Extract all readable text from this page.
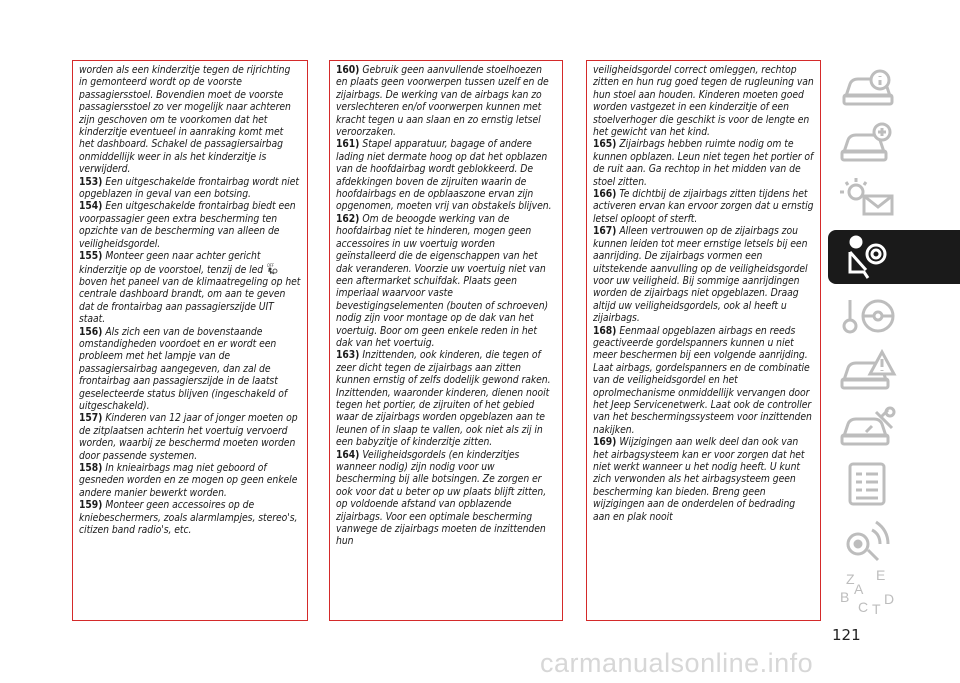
worden als een kinderzitje tegen de rijrichting in gemonteerd wordt op de voorste passagiersstoel. Bovendien moet de voorste passagiersstoel zo ver mogelijk naar achteren zijn geschoven om te voorkomen dat het kinderzitje eventueel in aanraking komt met het dashboard. Schakel de passagiersairbag onmiddellijk weer in als het kinderzitje is verwijderd.

153) Een uitgeschakelde frontairbag wordt niet opgeblazen in geval van een botsing.

154) Een uitgeschakelde frontairbag biedt een voorpassagier geen extra bescherming ten opzichte van de bescherming van alleen de veiligheidsgordel.

155) Monteer geen naar achter gericht kinderzitje op de voorstoel, tenzij de led OFF
boven het paneel van de klimaatregeling op het centrale dashboard brandt, om aan te geven dat de frontairbag aan passagierszijde UIT staat.

156) Als zich een van de bovenstaande omstandigheden voordoet en er wordt een probleem met het lampje van de passagiersairbag aangegeven, dan zal de frontairbag aan passagierszijde in de laatst geselecteerde status blijven (ingeschakeld of uitgeschakeld).

157) Kinderen van 12 jaar of jonger moeten op de zitplaatsen achterin het voertuig vervoerd worden, waarbij ze beschermd moeten worden door passende systemen.

158) In knieairbags mag niet geboord of gesneden worden en ze mogen op geen enkele andere manier bewerkt worden.

159) Monteer geen accessoires op de kniebeschermers, zoals alarmlampjes, stereo's, citizen band radio's, etc.

160) Gebruik geen aanvullende stoelhoezen en plaats geen voorwerpen tussen uzelf en de zijairbags. De werking van de airbags kan zo verslechteren en/of voorwerpen kunnen met kracht tegen u aan slaan en zo ernstig letsel veroorzaken.

161) Stapel apparatuur, bagage of andere lading niet dermate hoog op dat het opblazen van de hoofdairbag wordt geblokkeerd. De afdekkingen boven de zijruiten waarin de hoofdairbags en de opblaaszone ervan zijn opgenomen, moeten vrij van obstakels blijven.

162) Om de beoogde werking van de hoofdairbag niet te hinderen, mogen geen accessoires in uw voertuig worden geïnstalleerd die de eigenschappen van het dak veranderen. Voorzie uw voertuig niet van een aftermarket schuifdak. Plaats geen imperiaal waarvoor vaste bevestigingselementen (bouten of schroeven) nodig zijn voor montage op de dak van het voertuig. Boor om geen enkele reden in het dak van het voertuig.

163) Inzittenden, ook kinderen, die tegen of zeer dicht tegen de zijairbags aan zitten kunnen ernstig of zelfs dodelijk gewond raken. Inzittenden, waaronder kinderen, dienen nooit tegen het portier, de zijruiten of het gebied waar de zijairbags worden opgeblazen aan te leunen of in slaap te vallen, ook niet als zij in een babyzitje of kinderzitje zitten.

164) Veiligheidsgordels (en kinderzitjes wanneer nodig) zijn nodig voor uw bescherming bij alle botsingen. Ze zorgen er ook voor dat u beter op uw plaats blijft zitten, op voldoende afstand van opblazende zijairbags. Voor een optimale bescherming vanwege de zijairbags moeten de inzittenden hun

veiligheidsgordel correct omleggen, rechtop zitten en hun rug goed tegen de rugleuning van hun stoel aan houden. Kinderen moeten goed worden vastgezet in een kinderzitje of een stoelverhoger die geschikt is voor de lengte en het gewicht van het kind.

165) Zijairbags hebben ruimte nodig om te kunnen opblazen. Leun niet tegen het portier of de ruit aan. Ga rechtop in het midden van de stoel zitten.

166) Te dichtbij de zijairbags zitten tijdens het activeren ervan kan ervoor zorgen dat u ernstig letsel oploopt of sterft.

167) Alleen vertrouwen op de zijairbags zou kunnen leiden tot meer ernstige letsels bij een aanrijding. De zijairbags vormen een uitstekende aanvulling op de veiligheidsgordel voor uw veiligheid. Bij sommige aanrijdingen worden de zijairbags niet opgeblazen. Draag altijd uw veiligheidsgordels, ook al heeft u zijairbags.

168) Eenmaal opgeblazen airbags en reeds geactiveerde gordelspanners kunnen u niet meer beschermen bij een volgende aanrijding. Laat airbags, gordelspanners en de combinatie van de veiligheidsgordel en het oprolmechanisme onmiddellijk vervangen door het Jeep Servicenetwerk. Laat ook de controller van het beschermingssysteem voor inzittenden nakijken.

169) Wijzigingen aan welk deel dan ook van het airbagsysteem kan er voor zorgen dat het niet werkt wanneer u het nodig heeft. U kunt zich verwonden als het airbagsysteem geen bescherming kan bieden. Breng geen wijzigingen aan de onderdelen of bedrading aan en plak nooit

Z E
B
C D
T
A
121
carmanualsonline.info
